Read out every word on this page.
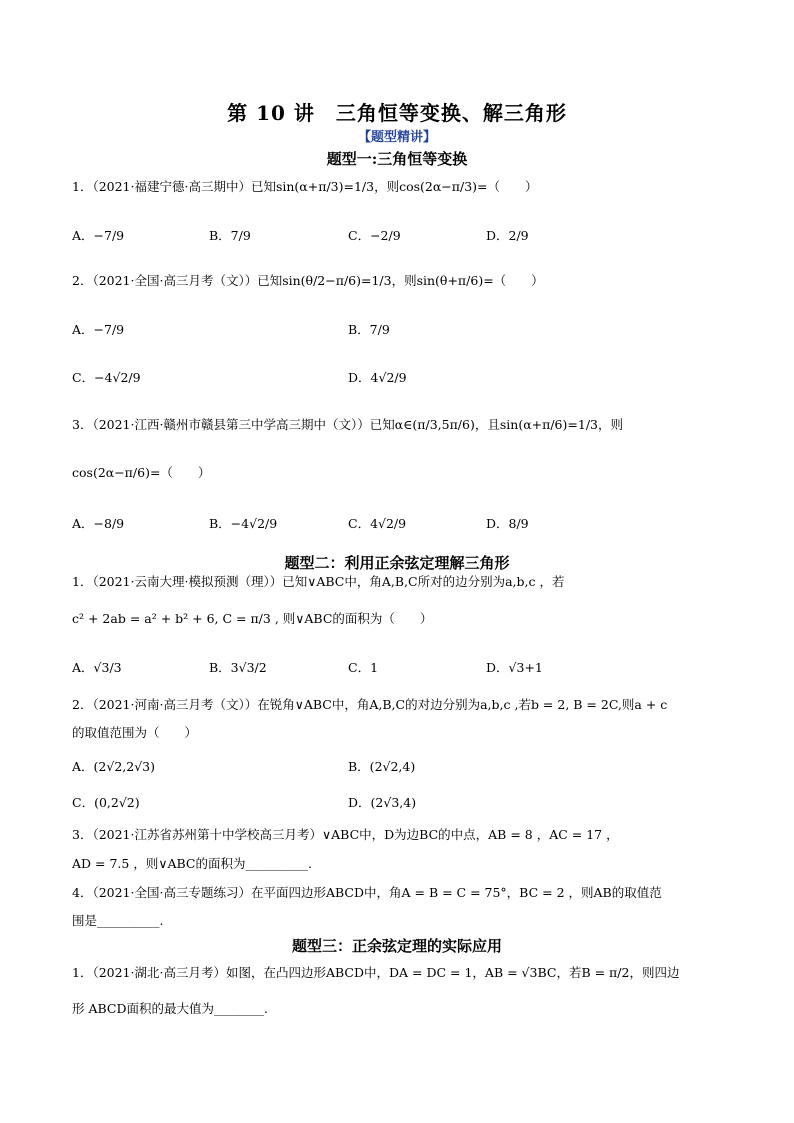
第 10 讲　三角恒等变换、解三角形
【题型精讲】
题型一:三角恒等变换
1．（2021·福建宁德·高三期中）已知sin(α+π/3)=1/3，则cos(2α−π/3)=（　　）
A．−7/9	B．7/9	C．−2/9	D．2/9
2．（2021·全国·高三月考（文））已知sin(θ/2−π/6)=1/3，则sin(θ+π/6)=（　　）
A．−7/9	B．7/9
C．−4√2/9	D．4√2/9
3．（2021·江西·赣州市赣县第三中学高三期中（文））已知α∈(π/3,5π/6)，且sin(α+π/6)=1/3，则
cos(2α−π/6)=（　　）
A．−8/9	B．−4√2/9	C．4√2/9	D．8/9
题型二：利用正余弦定理解三角形
1．（2021·云南大理·模拟预测（理））已知∨ABC中，角A,B,C所对的边分别为a,b,c ，若
c² + 2ab = a² + b² + 6, C = π/3 , 则∨ABC的面积为（　　）
A．√3/3	B．3√3/2	C．1	D．√3+1
2．（2021·河南·高三月考（文））在锐角∨ABC中，角A,B,C的对边分别为a,b,c ,若b = 2, B = 2C,则a + c
的取值范围为（　　）
A．(2√2,2√3)	B．(2√2,4)
C．(0,2√2)	D．(2√3,4)
3．（2021·江苏省苏州第十中学校高三月考）∨ABC中，D为边BC的中点，AB = 8 ，AC = 17 ，
AD = 7.5 ，则∨ABC的面积为__________.
4．（2021·全国·高三专题练习）在平面四边形ABCD中，角A = B = C = 75°，BC = 2 ，则AB的取值范
围是__________.
题型三：正余弦定理的实际应用
1．（2021·湖北·高三月考）如图，在凸四边形ABCD中，DA = DC = 1，AB = √3BC，若B = π/2，则四边
形 ABCD面积的最大值为________.
